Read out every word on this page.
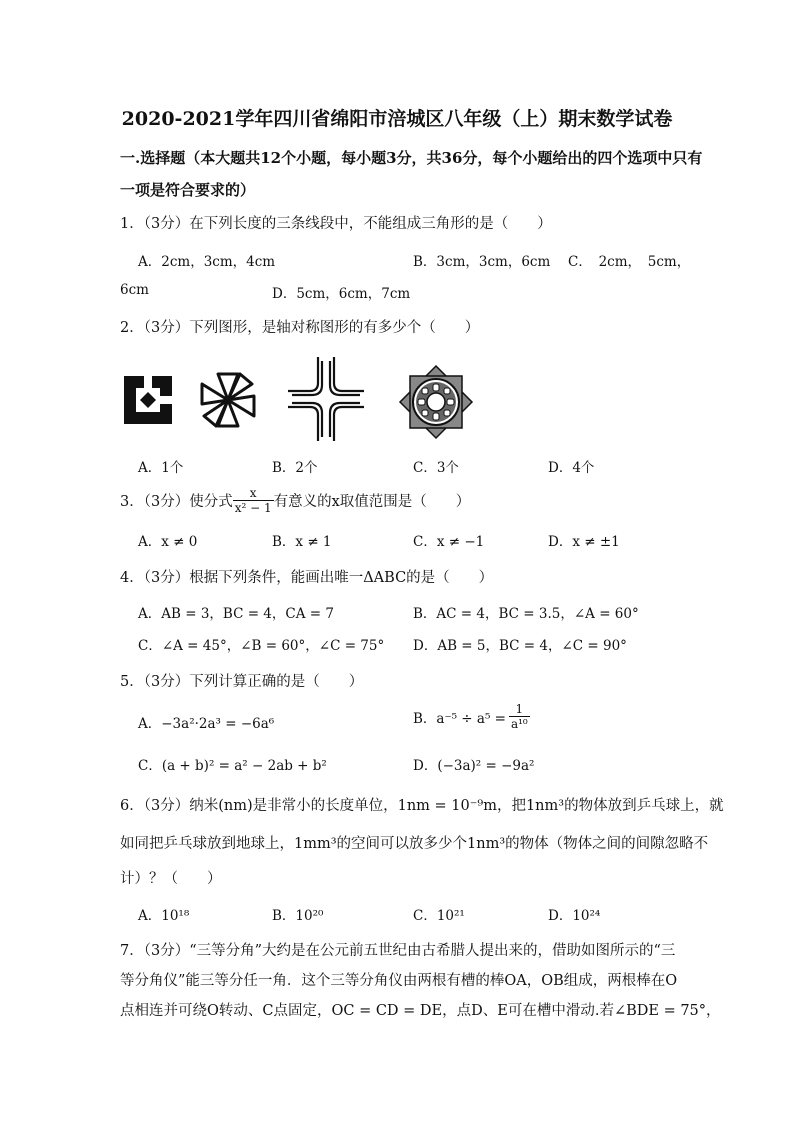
2020-2021学年四川省绵阳市涪城区八年级（上）期末数学试卷
一.选择题（本大题共12个小题，每小题3分，共36分，每个小题给出的四个选项中只有
一项是符合要求的）
1．（3分）在下列长度的三条线段中，不能组成三角形的是（　　）
A．2cm，3cm，4cm	B．3cm，3cm，6cm C．　2cm，　5cm，
6cm	D．5cm，6cm，7cm
2．（3分）下列图形，是轴对称图形的有多少个（　　）
A．1个	B．2个	C．3个	D．4个
3．（3分）使分式 $\frac{x}{\text{x² − 1}}$ 有意义的x取值范围是（　　）
A．x ≠ 0	B．x ≠ 1	C．x ≠ −1	D．x ≠ ±1
4．（3分）根据下列条件，能画出唯一ΔABC的是（　　）
A．AB = 3，BC = 4，CA = 7	B．AC = 4，BC = 3.5，∠A = 60°
C．∠A = 45°，∠B = 60°，∠C = 75° D．AB = 5，BC = 4，∠C = 90°
5．（3分）下列计算正确的是（　　）
A．−3a²·2a³ = −6a⁶	B．$a^{-5} \div a^5 = \frac{1}{\text{a¹⁰}}$
C．(a + b)² = a² − 2ab + b²	D．(−3a)² = −9a²
6．（3分）纳米(nm)是非常小的长度单位，1nm = 10⁻⁹m，把1nm³的物体放到乒乓球上，就
如同把乒乓球放到地球上，1mm³的空间可以放多少个1nm³的物体（物体之间的间隙忽略不
计）？（　　）
A．10¹⁸	B．10²⁰	C．10²¹	D．10²⁴
7．（3分）“三等分角”大约是在公元前五世纪由古希腊人提出来的，借助如图所示的“三
等分角仪”能三等分任一角．这个三等分角仪由两根有槽的棒OA，OB组成，两根棒在O
点相连并可绕O转动、C点固定，OC = CD = DE，点D、E可在槽中滑动.若∠BDE = 75°，
